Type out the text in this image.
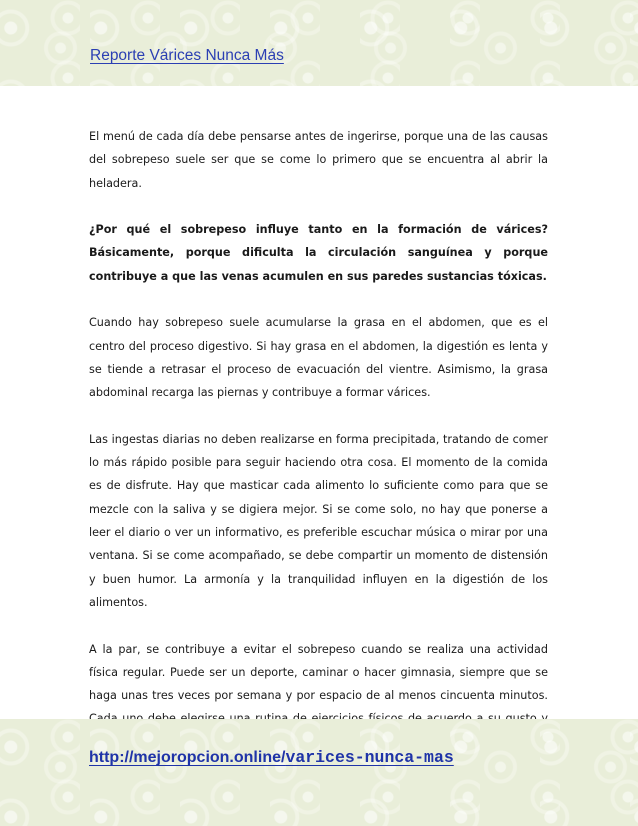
Reporte Várices Nunca Más

El menú de cada día debe pensarse antes de ingerirse, porque una de las causas del sobrepeso suele ser que se come lo primero que se encuentra al abrir la heladera.

¿Por qué el sobrepeso influye tanto en la formación de várices? Básicamente, porque dificulta la circulación sanguínea y porque contribuye a que las venas acumulen en sus paredes sustancias tóxicas.

Cuando hay sobrepeso suele acumularse la grasa en el abdomen, que es el centro del proceso digestivo. Si hay grasa en el abdomen, la digestión es lenta y se tiende a retrasar el proceso de evacuación del vientre. Asimismo, la grasa abdominal recarga las piernas y contribuye a formar várices.

Las ingestas diarias no deben realizarse en forma precipitada, tratando de comer lo más rápido posible para seguir haciendo otra cosa. El momento de la comida es de disfrute. Hay que masticar cada alimento lo suficiente como para que se mezcle con la saliva y se digiera mejor. Si se come solo, no hay que ponerse a leer el diario o ver un informativo, es preferible escuchar música o mirar por una ventana. Si se come acompañado, se debe compartir un momento de distensión y buen humor. La armonía y la tranquilidad influyen en la digestión de los alimentos.

A la par, se contribuye a evitar el sobrepeso cuando se realiza una actividad física regular. Puede ser un deporte, caminar o hacer gimnasia, siempre que se haga unas tres veces por semana y por espacio de al menos cincuenta minutos.

http://mejoropcion.online/varices-nunca-mas
